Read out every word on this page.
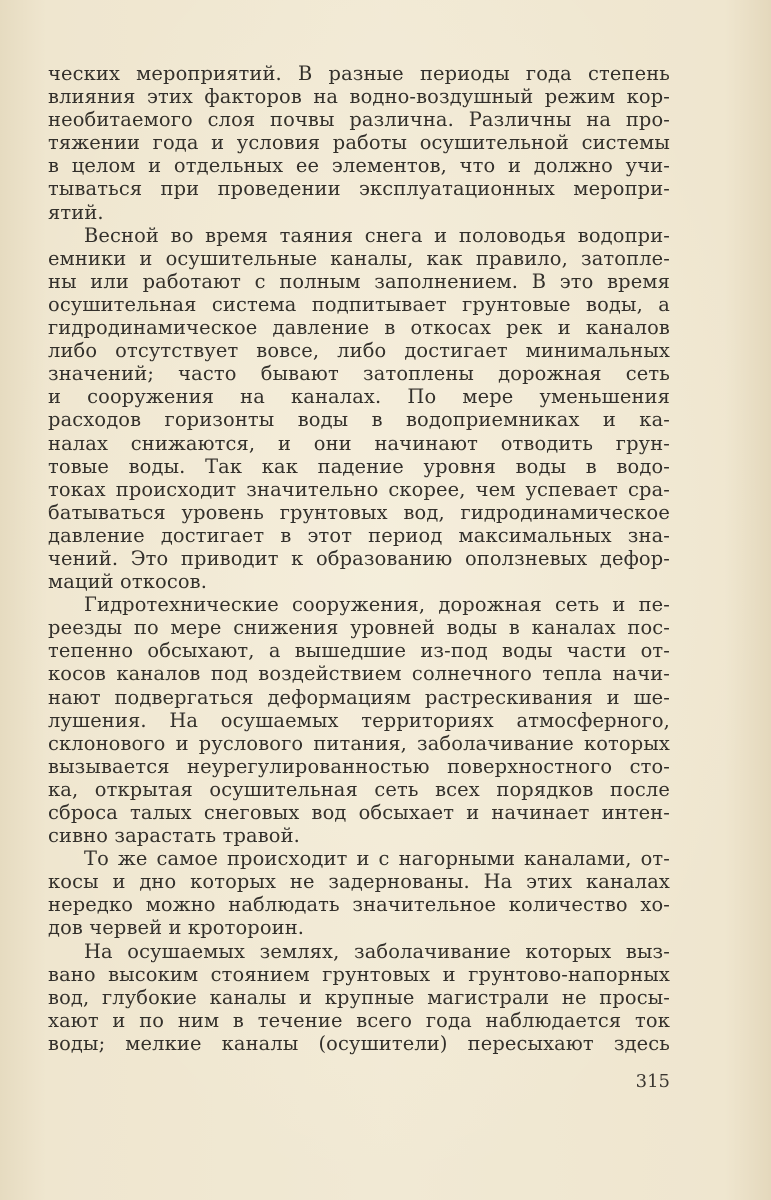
ческих мероприятий. В разные периоды года степень
влияния этих факторов на водно-воздушный режим кор-
необитаемого слоя почвы различна. Различны на про-
тяжении года и условия работы осушительной системы
в целом и отдельных ее элементов, что и должно учи-
тываться при проведении эксплуатационных меропри-
ятий.
Весной во время таяния снега и половодья водопри-
емники и осушительные каналы, как правило, затопле-
ны или работают с полным заполнением. В это время
осушительная система подпитывает грунтовые воды, а
гидродинамическое давление в откосах рек и каналов
либо отсутствует вовсе, либо достигает минимальных
значений; часто бывают затоплены дорожная сеть
и сооружения на каналах. По мере уменьшения
расходов горизонты воды в водоприемниках и ка-
налах снижаются, и они начинают отводить грун-
товые воды. Так как падение уровня воды в водо-
токах происходит значительно скорее, чем успевает сра-
батываться уровень грунтовых вод, гидродинамическое
давление достигает в этот период максимальных зна-
чений. Это приводит к образованию оползневых дефор-
маций откосов.
Гидротехнические сооружения, дорожная сеть и пе-
реезды по мере снижения уровней воды в каналах пос-
тепенно обсыхают, а вышедшие из-под воды части от-
косов каналов под воздействием солнечного тепла начи-
нают подвергаться деформациям растрескивания и ше-
лушения. На осушаемых территориях атмосферного,
склонового и руслового питания, заболачивание которых
вызывается неурегулированностью поверхностного сто-
ка, открытая осушительная сеть всех порядков после
сброса талых снеговых вод обсыхает и начинает интен-
сивно зарастать травой.
То же самое происходит и с нагорными каналами, от-
косы и дно которых не задернованы. На этих каналах
нередко можно наблюдать значительное количество хо-
дов червей и кротороин.
На осушаемых землях, заболачивание которых выз-
вано высоким стоянием грунтовых и грунтово-напорных
вод, глубокие каналы и крупные магистрали не просы-
хают и по ним в течение всего года наблюдается ток
воды; мелкие каналы (осушители) пересыхают здесь
315
